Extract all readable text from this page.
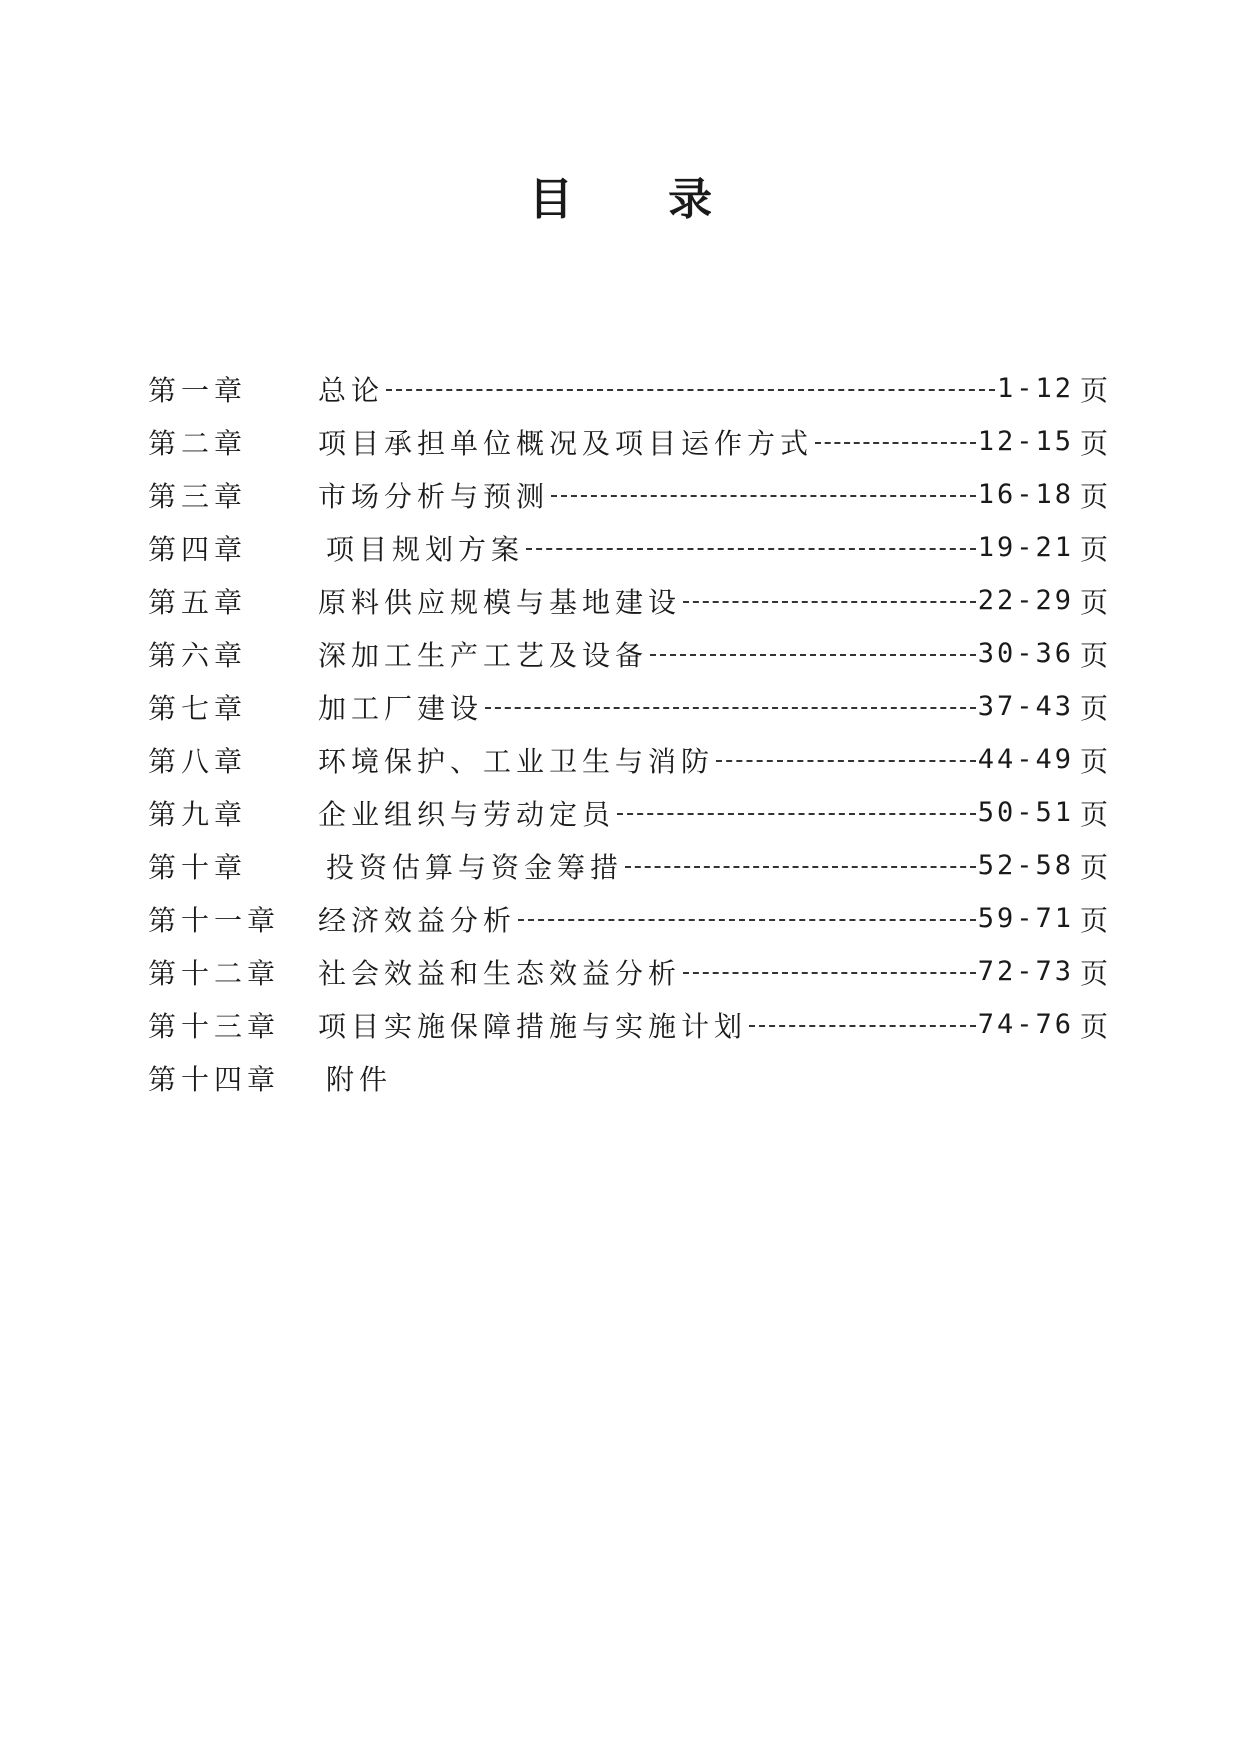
目 录
第一章	总论	1-12 页
第二章	项目承担单位概况及项目运作方式	12-15 页
第三章	市场分析与预测	16-18 页
第四章	项目规划方案	19-21 页
第五章	原料供应规模与基地建设	22-29 页
第六章	深加工生产工艺及设备	30-36 页
第七章	加工厂建设	37-43 页
第八章	环境保护、工业卫生与消防	44-49 页
第九章	企业组织与劳动定员	50-51 页
第十章	投资估算与资金筹措	52-58 页
第十一章	经济效益分析	59-71 页
第十二章	社会效益和生态效益分析	72-73 页
第十三章	项目实施保障措施与实施计划	74-76 页
第十四章	附件
